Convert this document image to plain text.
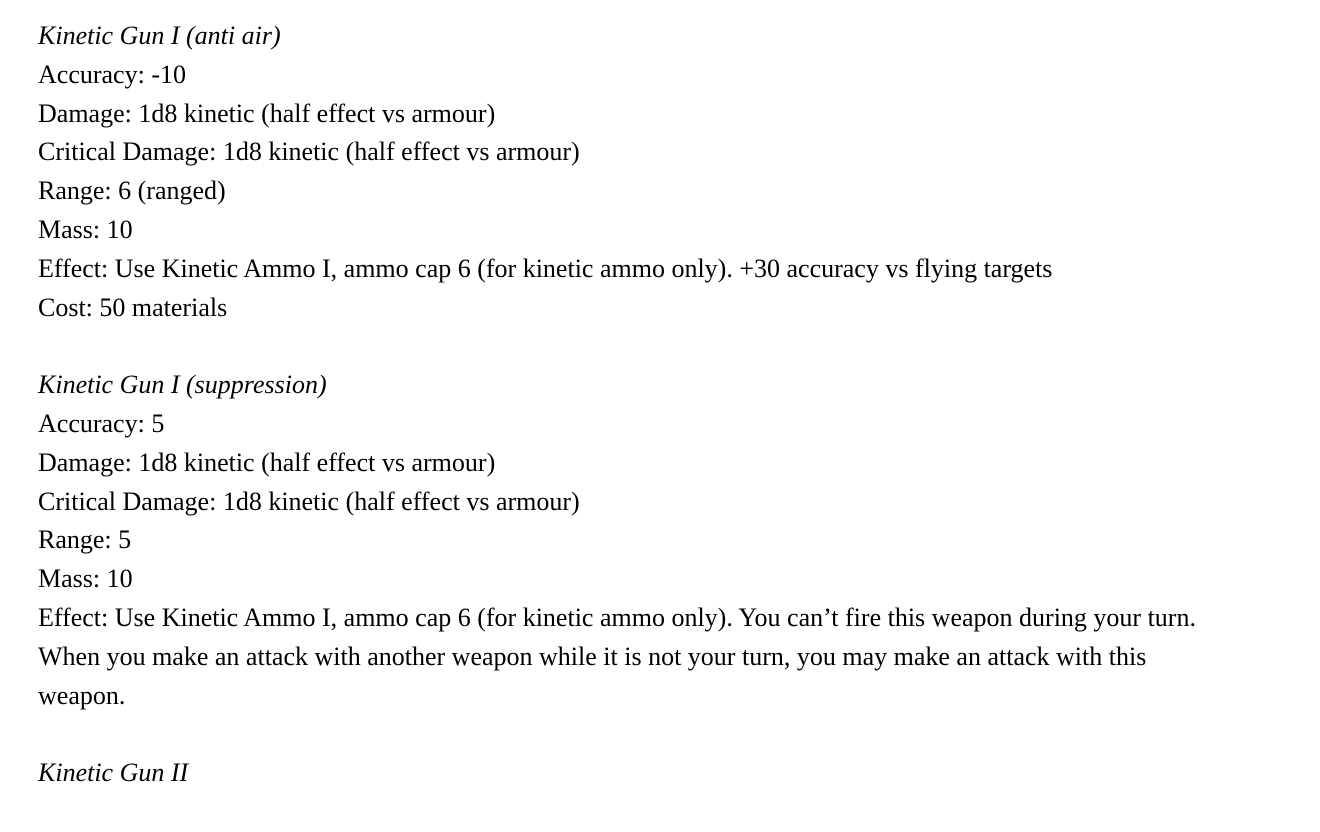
Kinetic Gun I (anti air)
Accuracy: -10
Damage: 1d8 kinetic (half effect vs armour)
Critical Damage: 1d8 kinetic (half effect vs armour)
Range: 6 (ranged)
Mass: 10
Effect: Use Kinetic Ammo I, ammo cap 6 (for kinetic ammo only). +30 accuracy vs flying targets
Cost: 50 materials
Kinetic Gun I (suppression)
Accuracy: 5
Damage: 1d8 kinetic (half effect vs armour)
Critical Damage: 1d8 kinetic (half effect vs armour)
Range: 5
Mass: 10
Effect: Use Kinetic Ammo I, ammo cap 6 (for kinetic ammo only). You can’t fire this weapon during your turn. When you make an attack with another weapon while it is not your turn, you may make an attack with this weapon.
Kinetic Gun II
